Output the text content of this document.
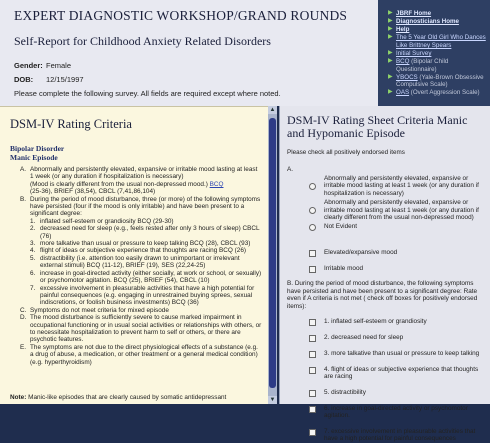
EXPERT DIAGNOSTIC WORKSHOP/GRAND ROUNDS
Self-Report for Childhood Anxiety Related Disorders
Gender: Female
DOB:	12/15/1997
Please complete the following survey. All fields are required except where noted.
▶ JBRF Home
▶ Diagnosticians Home
▶ Help
▶ The 5 Year Old Girl Who Dances Like Brittney Spears
▶ Initial Survey
▶ BCQ (Bipolar Child Questionnaire)
▶ YBOCS (Yale-Brown Obsessive Compulsive Scale)
▶ OAS (Overt Aggression Scale)
DSM-IV Rating Criteria
Bipolar Disorder
Manic Episode
A. Abnormally and persistently elevated, expansive or irritable mood lasting at least 1 week (or any duration if hospitalization is necessary)
(Mood is clearly different from the usual non-depressed mood.) BCQ
(25-36), BRIEF (38,54), CBCL (7,41,86,104)
B. During the period of mood disturbance, three (or more) of the following symptoms
have persisted (four if the mood is only irritable) and have been present to a significant degree:
1. inflated self-esteem or grandiosity BCQ (29-30)
2. decreased need for sleep (e.g., feels rested after only 3 hours of sleep) CBCL (76)
3. more talkative than usual or pressure to keep talking BCQ (28), CBCL (93)
4. flight of ideas or subjective experience that thoughts are racing BCQ (26)
5. distractibility (i.e. attention too easily drawn to unimportant or irrelevant external stimuli) BCQ (11-12), BRIEF (19), SES (22,24-25)
6. increase in goal-directed activity (either socially, at work or school, or sexually) or psychomotor agitation. BCQ (25), BRIEF (54), CBCL (10)
7. excessive involvement in pleasurable activities that have a high potential for painful consequences (e.g. engaging in unrestrained buying sprees, sexual indiscretions, or foolish business investments) BCQ (36)
C. Symptoms do not meet criteria for mixed episode
D. The mood disturbance is sufficiently severe to cause marked impairment in occupational functioning or in usual social activities or relationships with others, or to necessitate hospitalization to prevent harm to self or others, or there are psychotic features.
E. The symptoms are not due to the direct physiological effects of a substance (e.g. a drug of abuse, a medication, or other treatment or a general medical condition) (e.g. hyperthyroidism)
Note: Manic-like episodes that are clearly caused by somatic antidepressant
▲
▼
DSM-IV Rating Sheet Criteria Manic and Hypomanic Episode
Please check all positively endorsed items
A.
Abnormally and persistently elevated, expansive or irritable mood lasting at least 1 week (or any duration if hospitalization is necessary)
Abnormally and persistently elevated, expansive or irritable mood lasting at least 1 week (or any duration if clearly different from the usual non-depressed mood)
Not Evident
Elevated/expansive mood
Irritable mood
B. During the period of mood disturbance, the following symptoms have persisted and have been present to a significant degree: Rate even if A criteria is not met ( check off boxes for positively endorsed items):
1. inflated self-esteem or grandiosity
2. decreased need for sleep
3. more talkative than usual or pressure to keep talking
4. flight of ideas or subjective experience that thoughts are racing
5. distractibility
6. increase in goal-directed activity or psychomotor agitation.
7. excessive involvement in pleasurable activities that have a high potential for painful consequences
